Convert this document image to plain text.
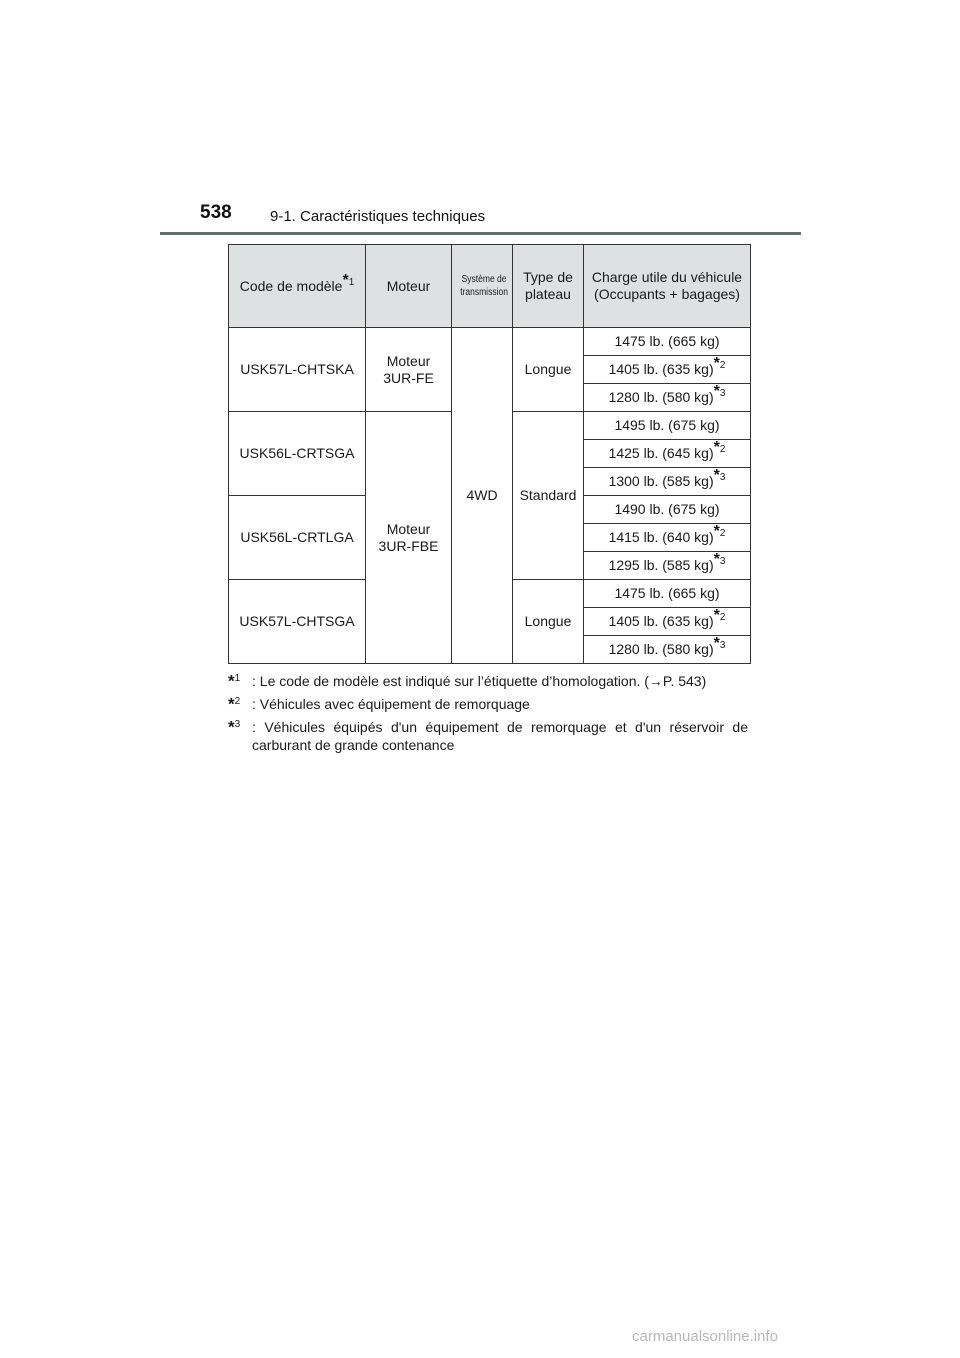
538	9-1. Caractéristiques techniques
Code de modèle$^{*1}$	Moteur	Système de transmission	Type de plateau	Charge utile du véhicule (Occupants + bagages)
USK57L-CHTSKA	Moteur 3UR-FE	4WD	Longue	1475 lb. (665 kg)
				1405 lb. (635 kg)$^{*2}$
				1280 lb. (580 kg)$^{*3}$
USK56L-CRTSGA	Moteur 3UR-FBE		Standard	1495 lb. (675 kg)
				1425 lb. (645 kg)$^{*2}$
				1300 lb. (585 kg)$^{*3}$
USK56L-CRTLGA				1490 lb. (675 kg)
				1415 lb. (640 kg)$^{*2}$
				1295 lb. (585 kg)$^{*3}$
USK57L-CHTSGA			Longue	1475 lb. (665 kg)
				1405 lb. (635 kg)$^{*2}$
				1280 lb. (580 kg)$^{*3}$
*$^1$ : Le code de modèle est indiqué sur l’étiquette d’homologation. (→P. 543)
*$^2$ : Véhicules avec équipement de remorquage
*$^3$ : Véhicules équipés d'un équipement de remorquage et d'un réservoir de carburant de grande contenance
carmanualsonline.info
